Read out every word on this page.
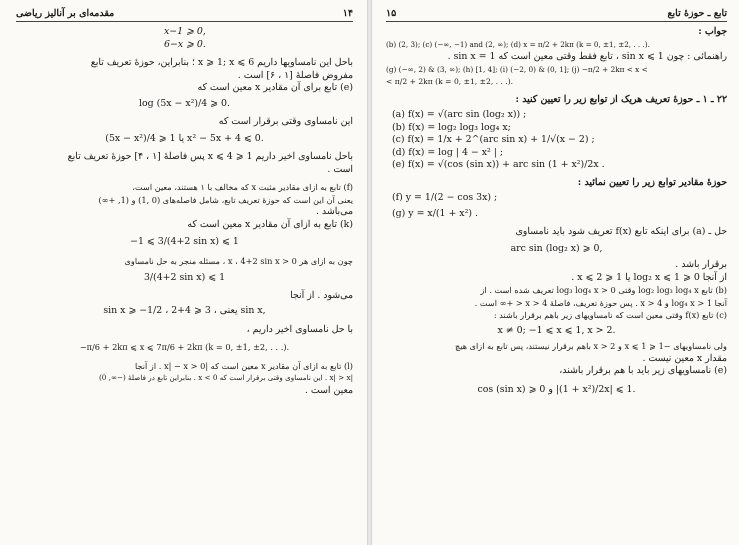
مقدمه‌ای بر آنالیز ریاضی	۱۴
x−1 ⩾ 0,
6−x ⩾ 0.
باحل این نامساویها داریم x ⩾ 1; x ⩽ 6 ؛ بنابراین، حوزهٔ تعریف تابع
مفروض فاصلهٔ [۱ ، ۶] است .
(e) تابع برای آن مقادیر x معین است که
log (5x − x²)/4 ⩾ 0.
این نامساوی وقتی برقرار است که
(5x − x²)/4 ⩾ 1 یا x² − 5x + 4 ⩽ 0.
باحل نامساوی اخیر داریم 1 ⩽ x ⩽ 4 پس فاصلهٔ [۱ ، ۴] حوزهٔ تعریف تابع
است .
(f) تابع به ازای مقادیر مثبت x که مخالف با ۱ هستند، معین است،
یعنی آن این است که حوزهٔ تعریف تابع، شامل فاصله‌های (0 ,1) و (1, +∞)
می‌باشد .
(k) تابع به ازای آن مقادیر x معین است که
−1 ⩽ 3/(4+2 sin x) ⩽ 1
چون به ازای هر x ، 4+2 sin x > 0 ، مسئله منجر به حل نامساوی
3/(4+2 sin x) ⩽ 1
می‌شود . از آنجا
sin x ⩾ −1/2 ، یعنی ، 3 ⩽ 4+2 sin x,
با حل نامساوی اخیر داریم ،
−π/6 + 2kπ ⩽ x ⩽ 7π/6 + 2kπ (k = 0, ±1, ±2, . . .).
(l) تابع به ازای آن مقادیر x معین است که |x| − x > 0 . از آنجا
|x| > x . این نامساوی وقتی برقرار است که x < 0 . بنابراین تابع در فاصلهٔ (−∞, 0)
معین است .
۱۵	تابع ـ حوزهٔ تابع
جواب :
(b) (2, 3); (c) (−∞, −1) and (2, ∞); (d) x = π/2 + 2kπ (k = 0, ±1, ±2, . . .).
راهنمائی : چون sin x ⩽ 1 ، تابع فقط وقتی معین است که sin x = 1 .
(g) (−∞, 2) & (3, ∞); (h) [1, 4]; (i) (−2, 0) & (0, 1]; (j) −π/2 + 2kπ < x <
< π/2 + 2kπ (k = 0, ±1, ±2, . . .).
۲۲ ـ ۱ ـ حوزهٔ تعریف هریک از توابع زیر را تعیین کنید :
(a) f(x) = √(arc sin (log₂ x)) ;
(b) f(x) = log₂ log₃ log₄ x;
(c) f(x) = 1/x + 2^(arc sin x) + 1/√(x − 2) ;
(d) f(x) = log | 4 − x² | ;
(e) f(x) = √(cos (sin x)) + arc sin (1 + x²)/2x .
حوزهٔ مقادیر توابع زیر را تعیین نمائید :
(f) y = 1/(2 − cos 3x) ;
(g) y = x/(1 + x²) .
حل ـ (a) برای اینکه تابع f(x) تعریف شود باید نامساوی
arc sin (log₂ x) ⩾ 0,
برقرار باشد .
از آنجا 0 ⩽ log₂ x ⩽ 1 یا 1 ⩽ x ⩽ 2 .
(b) تابع log₂ log₃ log₄ x وقتی log₃ log₄ x > 0 تعریف شده است . از
آنجا log₄ x > 1 و x > 4 . پس حوزهٔ تعریف، فاصلهٔ 4 < x < +∞ است .
(c) تابع f(x) وقتی معین است که نامساویهای زیر باهم برقرار باشند :
x ≠ 0; −1 ⩽ x ⩽ 1, x > 2.
ولی نامساویهای −1 ⩽ x ⩽ 1 و x > 2 باهم برقرار نیستند، پس تابع به ازای هیچ
مقدار x معین نیست .
(e) نامساویهای زیر باید با هم برقرار باشند،
cos (sin x) ⩾ 0 و |(1 + x²)/2x| ⩽ 1.
